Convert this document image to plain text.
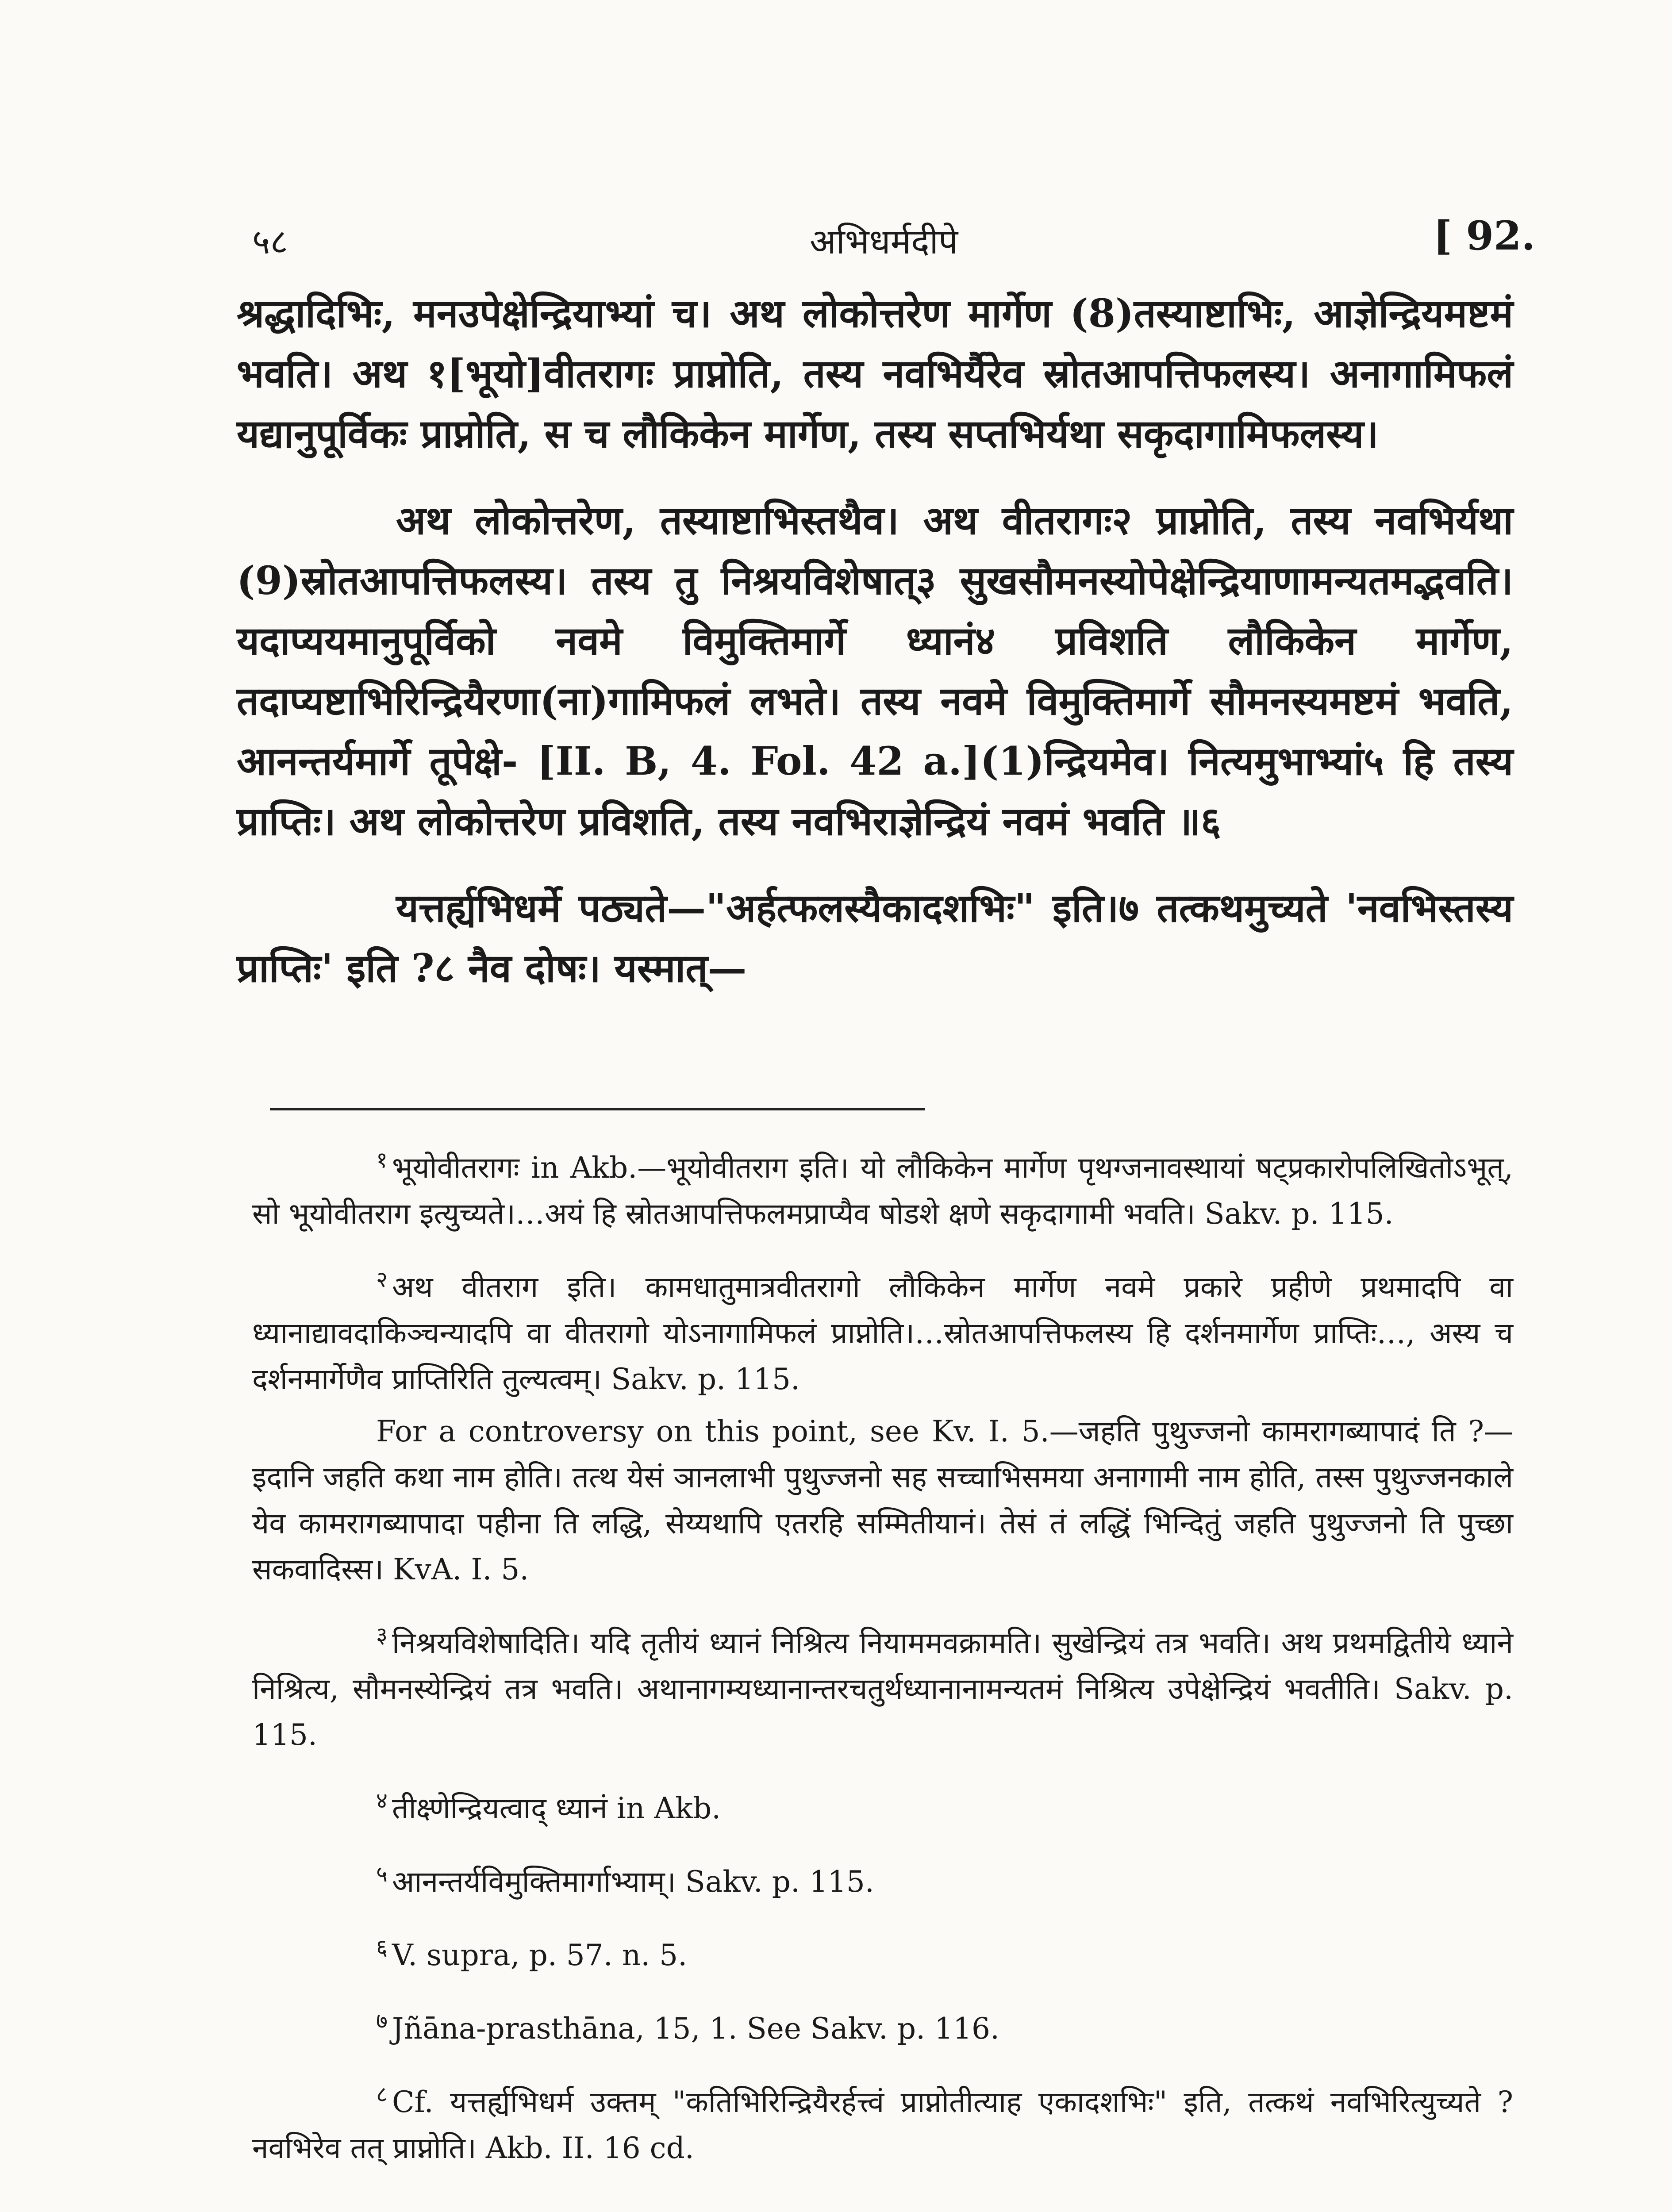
५८	अभिधर्मदीपे	[ 92.

श्रद्धादिभिः, मनउपेक्षेन्द्रियाभ्यां च। अथ लोकोत्तरेण मार्गेण (8)तस्याष्टाभिः, आज्ञेन्द्रियमष्टमं भवति। अथ १[भूयो]वीतरागः प्राप्नोति, तस्य नवभिर्यैरेव स्रोतआपत्तिफलस्य। अनागामिफलं यद्यानुपूर्विकः प्राप्नोति, स च लौकिकेन मार्गेण, तस्य सप्तभिर्यथा सकृदागामिफलस्य।

अथ लोकोत्तरेण, तस्याष्टाभिस्तथैव। अथ वीतरागः२ प्राप्नोति, तस्य नवभिर्यथा (9)स्रोतआपत्तिफलस्य। तस्य तु निश्रयविशेषात्३ सुखसौमनस्योपेक्षेन्द्रियाणामन्यतमद्भवति। यदाप्ययमानुपूर्विको नवमे विमुक्तिमार्गे ध्यानं४ प्रविशति लौकिकेन मार्गेण, तदाप्यष्टाभिरिन्द्रियैरणा(ना)गामिफलं लभते। तस्य नवमे विमुक्तिमार्गे सौमनस्यमष्टमं भवति, आनन्तर्यमार्गे तूपेक्षे- [II. B, 4. Fol. 42 a.](1)न्द्रियमेव। नित्यमुभाभ्यां५ हि तस्य प्राप्तिः। अथ लोकोत्तरेण प्रविशति, तस्य नवभिराज्ञेन्द्रियं नवमं भवति ॥६

यत्तर्ह्यभिधर्मे पठ्यते—"अर्हत्फलस्यैकादशभिः" इति।७ तत्कथमुच्यते 'नवभिस्तस्य प्राप्तिः' इति ?८ नैव दोषः। यस्मात्—

$^१$ भूयोवीतरागः in Akb.—भूयोवीतराग इति। यो लौकिकेन मार्गेण पृथग्जनावस्थायां षट्प्रकारोपलिखितोऽभूत्, सो भूयोवीतराग इत्युच्यते।…अयं हि स्रोतआपत्तिफलमप्राप्यैव षोडशे क्षणे सकृदागामी भवति। Sakv. p. 115.

$^२$ अथ वीतराग इति। कामधातुमात्रवीतरागो लौकिकेन मार्गेण नवमे प्रकारे प्रहीणे प्रथमादपि वा ध्यानाद्यावदाकिञ्चन्यादपि वा वीतरागो योऽनागामिफलं प्राप्नोति।…स्रोतआपत्तिफलस्य हि दर्शनमार्गेण प्राप्तिः…, अस्य च दर्शनमार्गेणैव प्राप्तिरिति तुल्यत्वम्। Sakv. p. 115.

For a controversy on this point, see Kv. I. 5.—जहति पुथुज्जनो कामरागब्यापादं ति ?—इदानि जहति कथा नाम होति। तत्थ येसं ञानलाभी पुथुज्जनो सह सच्चाभिसमया अनागामी नाम होति, तस्स पुथुज्जनकाले येव कामरागब्यापादा पहीना ति लद्धि, सेय्यथापि एतरहि सम्मितीयानं। तेसं तं लद्धिं भिन्दितुं जहति पुथुज्जनो ति पुच्छा सकवादिस्स। KvA. I. 5.

$^३$ निश्रयविशेषादिति। यदि तृतीयं ध्यानं निश्रित्य नियाममवक्रामति। सुखेन्द्रियं तत्र भवति। अथ प्रथमद्वितीये ध्याने निश्रित्य, सौमनस्येन्द्रियं तत्र भवति। अथानागम्यध्यानान्तरचतुर्थध्यानानामन्यतमं निश्रित्य उपेक्षेन्द्रियं भवतीति। Sakv. p. 115.

$^४$ तीक्ष्णेन्द्रियत्वाद् ध्यानं in Akb.

$^५$ आनन्तर्यविमुक्तिमार्गाभ्याम्। Sakv. p. 115.

$^६$ V. supra, p. 57. n. 5.

$^७$ Jñāna-prasthāna, 15, 1. See Sakv. p. 116.

$^८$ Cf. यत्तर्ह्यभिधर्म उक्तम् "कतिभिरिन्द्रियैरर्हत्त्वं प्राप्नोतीत्याह एकादशभिः" इति, तत्कथं नवभिरित्युच्यते ? नवभिरेव तत् प्राप्नोति। Akb. II. 16 cd.
